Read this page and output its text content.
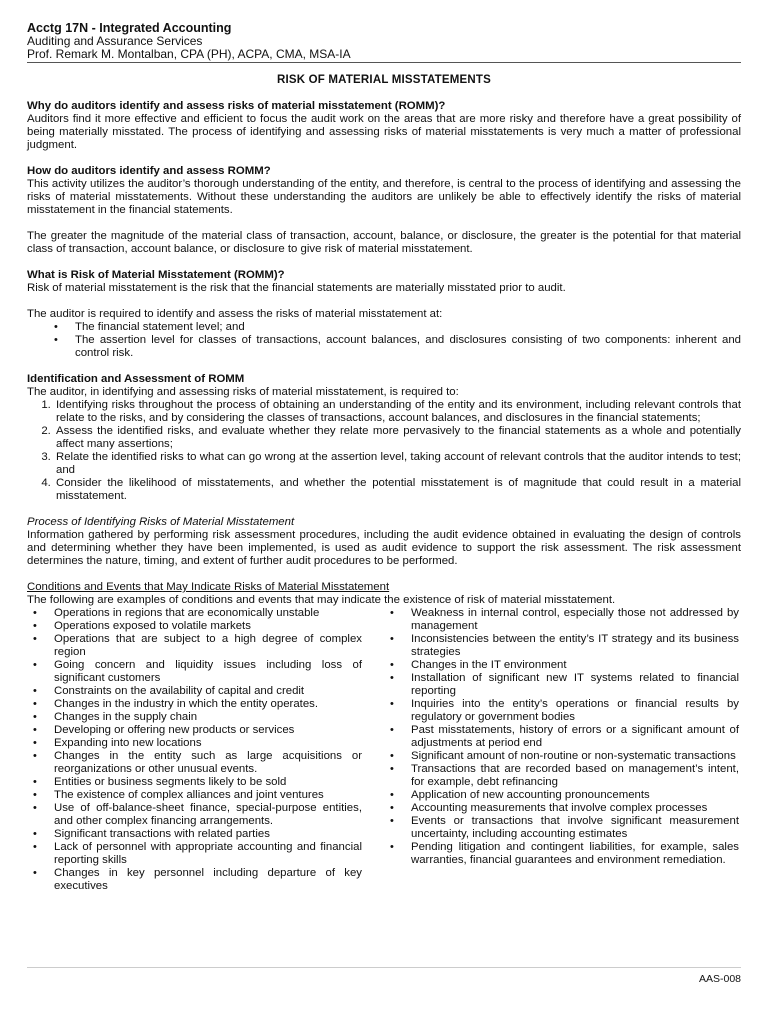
Acctg 17N - Integrated Accounting
Auditing and Assurance Services
Prof. Remark M. Montalban, CPA (PH), ACPA, CMA, MSA-IA
RISK OF MATERIAL MISSTATEMENTS

Why do auditors identify and assess risks of material misstatement (ROMM)?

Auditors find it more effective and efficient to focus the audit work on the areas that are more risky and therefore have a great possibility of being materially misstated. The process of identifying and assessing risks of material misstatements is very much a matter of professional judgment.

How do auditors identify and assess ROMM?

This activity utilizes the auditor’s thorough understanding of the entity, and therefore, is central to the process of identifying and assessing the risks of material misstatements. Without these understanding the auditors are unlikely be able to effectively identify the risks of material misstatement in the financial statements.

The greater the magnitude of the material class of transaction, account, balance, or disclosure, the greater is the potential for that material class of transaction, account balance, or disclosure to give risk of material misstatement.

What is Risk of Material Misstatement (ROMM)?

Risk of material misstatement is the risk that the financial statements are materially misstated prior to audit.

The auditor is required to identify and assess the risks of material misstatement at:

• The financial statement level; and
• The assertion level for classes of transactions, account balances, and disclosures consisting of two components: inherent and control risk.

Identification and Assessment of ROMM

The auditor, in identifying and assessing risks of material misstatement, is required to:

1. Identifying risks throughout the process of obtaining an understanding of the entity and its environment, including relevant controls that relate to the risks, and by considering the classes of transactions, account balances, and disclosures in the financial statements;
2. Assess the identified risks, and evaluate whether they relate more pervasively to the financial statements as a whole and potentially affect many assertions;
3. Relate the identified risks to what can go wrong at the assertion level, taking account of relevant controls that the auditor intends to test; and
4. Consider the likelihood of misstatements, and whether the potential misstatement is of magnitude that could result in a material misstatement.

Process of Identifying Risks of Material Misstatement

Information gathered by performing risk assessment procedures, including the audit evidence obtained in evaluating the design of controls and determining whether they have been implemented, is used as audit evidence to support the risk assessment. The risk assessment determines the nature, timing, and extent of further audit procedures to be performed.

Conditions and Events that May Indicate Risks of Material Misstatement

The following are examples of conditions and events that may indicate the existence of risk of material misstatement.

• Operations in regions that are economically unstable
• Operations exposed to volatile markets
• Operations that are subject to a high degree of complex region
• Going concern and liquidity issues including loss of significant customers
• Constraints on the availability of capital and credit
• Changes in the industry in which the entity operates.
• Changes in the supply chain
• Developing or offering new products or services
• Expanding into new locations
• Changes in the entity such as large acquisitions or reorganizations or other unusual events.
• Entities or business segments likely to be sold
• The existence of complex alliances and joint ventures
• Use of off-balance-sheet finance, special-purpose entities, and other complex financing arrangements.
• Significant transactions with related parties
• Lack of personnel with appropriate accounting and financial reporting skills
• Changes in key personnel including departure of key executives
• Weakness in internal control, especially those not addressed by management
• Inconsistencies between the entity’s IT strategy and its business strategies
• Changes in the IT environment
• Installation of significant new IT systems related to financial reporting
• Inquiries into the entity’s operations or financial results by regulatory or government bodies
• Past misstatements, history of errors or a significant amount of adjustments at period end
• Significant amount of non-routine or non-systematic transactions
• Transactions that are recorded based on management’s intent, for example, debt refinancing
• Application of new accounting pronouncements
• Accounting measurements that involve complex processes
• Events or transactions that involve significant measurement uncertainty, including accounting estimates
• Pending litigation and contingent liabilities, for example, sales warranties, financial guarantees and environment remediation.
AAS-008
